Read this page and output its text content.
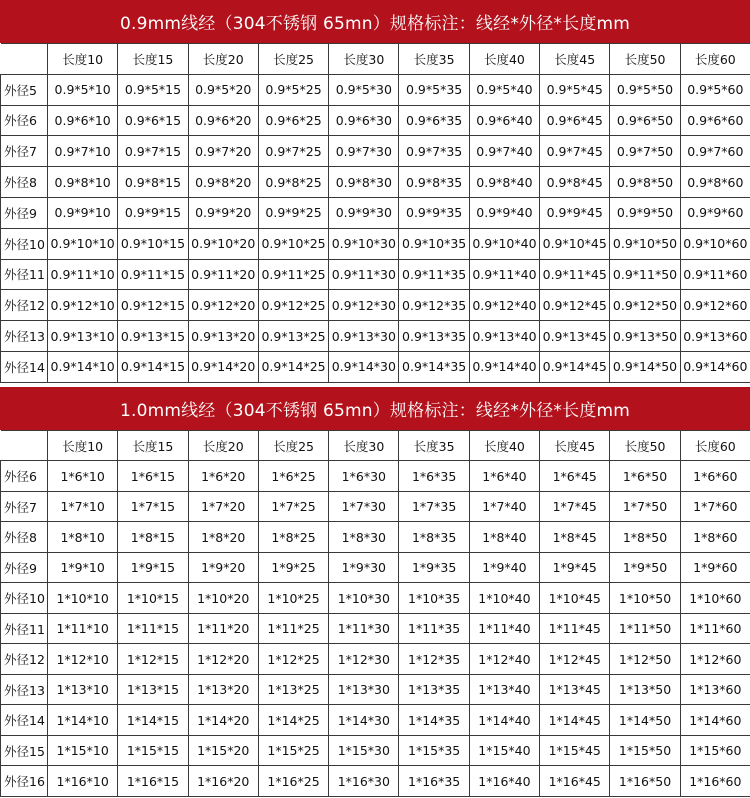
0.9mm线经（304不锈钢 65mn）规格标注：线经*外径*长度mm
	长度10	长度15	长度20	长度25	长度30	长度35	长度40	长度45	长度50	长度60
外径5	0.9*5*10	0.9*5*15	0.9*5*20	0.9*5*25	0.9*5*30	0.9*5*35	0.9*5*40	0.9*5*45	0.9*5*50	0.9*5*60
外径6	0.9*6*10	0.9*6*15	0.9*6*20	0.9*6*25	0.9*6*30	0.9*6*35	0.9*6*40	0.9*6*45	0.9*6*50	0.9*6*60
外径7	0.9*7*10	0.9*7*15	0.9*7*20	0.9*7*25	0.9*7*30	0.9*7*35	0.9*7*40	0.9*7*45	0.9*7*50	0.9*7*60
外径8	0.9*8*10	0.9*8*15	0.9*8*20	0.9*8*25	0.9*8*30	0.9*8*35	0.9*8*40	0.9*8*45	0.9*8*50	0.9*8*60
外径9	0.9*9*10	0.9*9*15	0.9*9*20	0.9*9*25	0.9*9*30	0.9*9*35	0.9*9*40	0.9*9*45	0.9*9*50	0.9*9*60
外径10	0.9*10*10	0.9*10*15	0.9*10*20	0.9*10*25	0.9*10*30	0.9*10*35	0.9*10*40	0.9*10*45	0.9*10*50	0.9*10*60
外径11	0.9*11*10	0.9*11*15	0.9*11*20	0.9*11*25	0.9*11*30	0.9*11*35	0.9*11*40	0.9*11*45	0.9*11*50	0.9*11*60
外径12	0.9*12*10	0.9*12*15	0.9*12*20	0.9*12*25	0.9*12*30	0.9*12*35	0.9*12*40	0.9*12*45	0.9*12*50	0.9*12*60
外径13	0.9*13*10	0.9*13*15	0.9*13*20	0.9*13*25	0.9*13*30	0.9*13*35	0.9*13*40	0.9*13*45	0.9*13*50	0.9*13*60
外径14	0.9*14*10	0.9*14*15	0.9*14*20	0.9*14*25	0.9*14*30	0.9*14*35	0.9*14*40	0.9*14*45	0.9*14*50	0.9*14*60
1.0mm线经（304不锈钢 65mn）规格标注：线经*外径*长度mm
	长度10	长度15	长度20	长度25	长度30	长度35	长度40	长度45	长度50	长度60
外径6	1*6*10	1*6*15	1*6*20	1*6*25	1*6*30	1*6*35	1*6*40	1*6*45	1*6*50	1*6*60
外径7	1*7*10	1*7*15	1*7*20	1*7*25	1*7*30	1*7*35	1*7*40	1*7*45	1*7*50	1*7*60
外径8	1*8*10	1*8*15	1*8*20	1*8*25	1*8*30	1*8*35	1*8*40	1*8*45	1*8*50	1*8*60
外径9	1*9*10	1*9*15	1*9*20	1*9*25	1*9*30	1*9*35	1*9*40	1*9*45	1*9*50	1*9*60
外径10	1*10*10	1*10*15	1*10*20	1*10*25	1*10*30	1*10*35	1*10*40	1*10*45	1*10*50	1*10*60
外径11	1*11*10	1*11*15	1*11*20	1*11*25	1*11*30	1*11*35	1*11*40	1*11*45	1*11*50	1*11*60
外径12	1*12*10	1*12*15	1*12*20	1*12*25	1*12*30	1*12*35	1*12*40	1*12*45	1*12*50	1*12*60
外径13	1*13*10	1*13*15	1*13*20	1*13*25	1*13*30	1*13*35	1*13*40	1*13*45	1*13*50	1*13*60
外径14	1*14*10	1*14*15	1*14*20	1*14*25	1*14*30	1*14*35	1*14*40	1*14*45	1*14*50	1*14*60
外径15	1*15*10	1*15*15	1*15*20	1*15*25	1*15*30	1*15*35	1*15*40	1*15*45	1*15*50	1*15*60
外径16	1*16*10	1*16*15	1*16*20	1*16*25	1*16*30	1*16*35	1*16*40	1*16*45	1*16*50	1*16*60
